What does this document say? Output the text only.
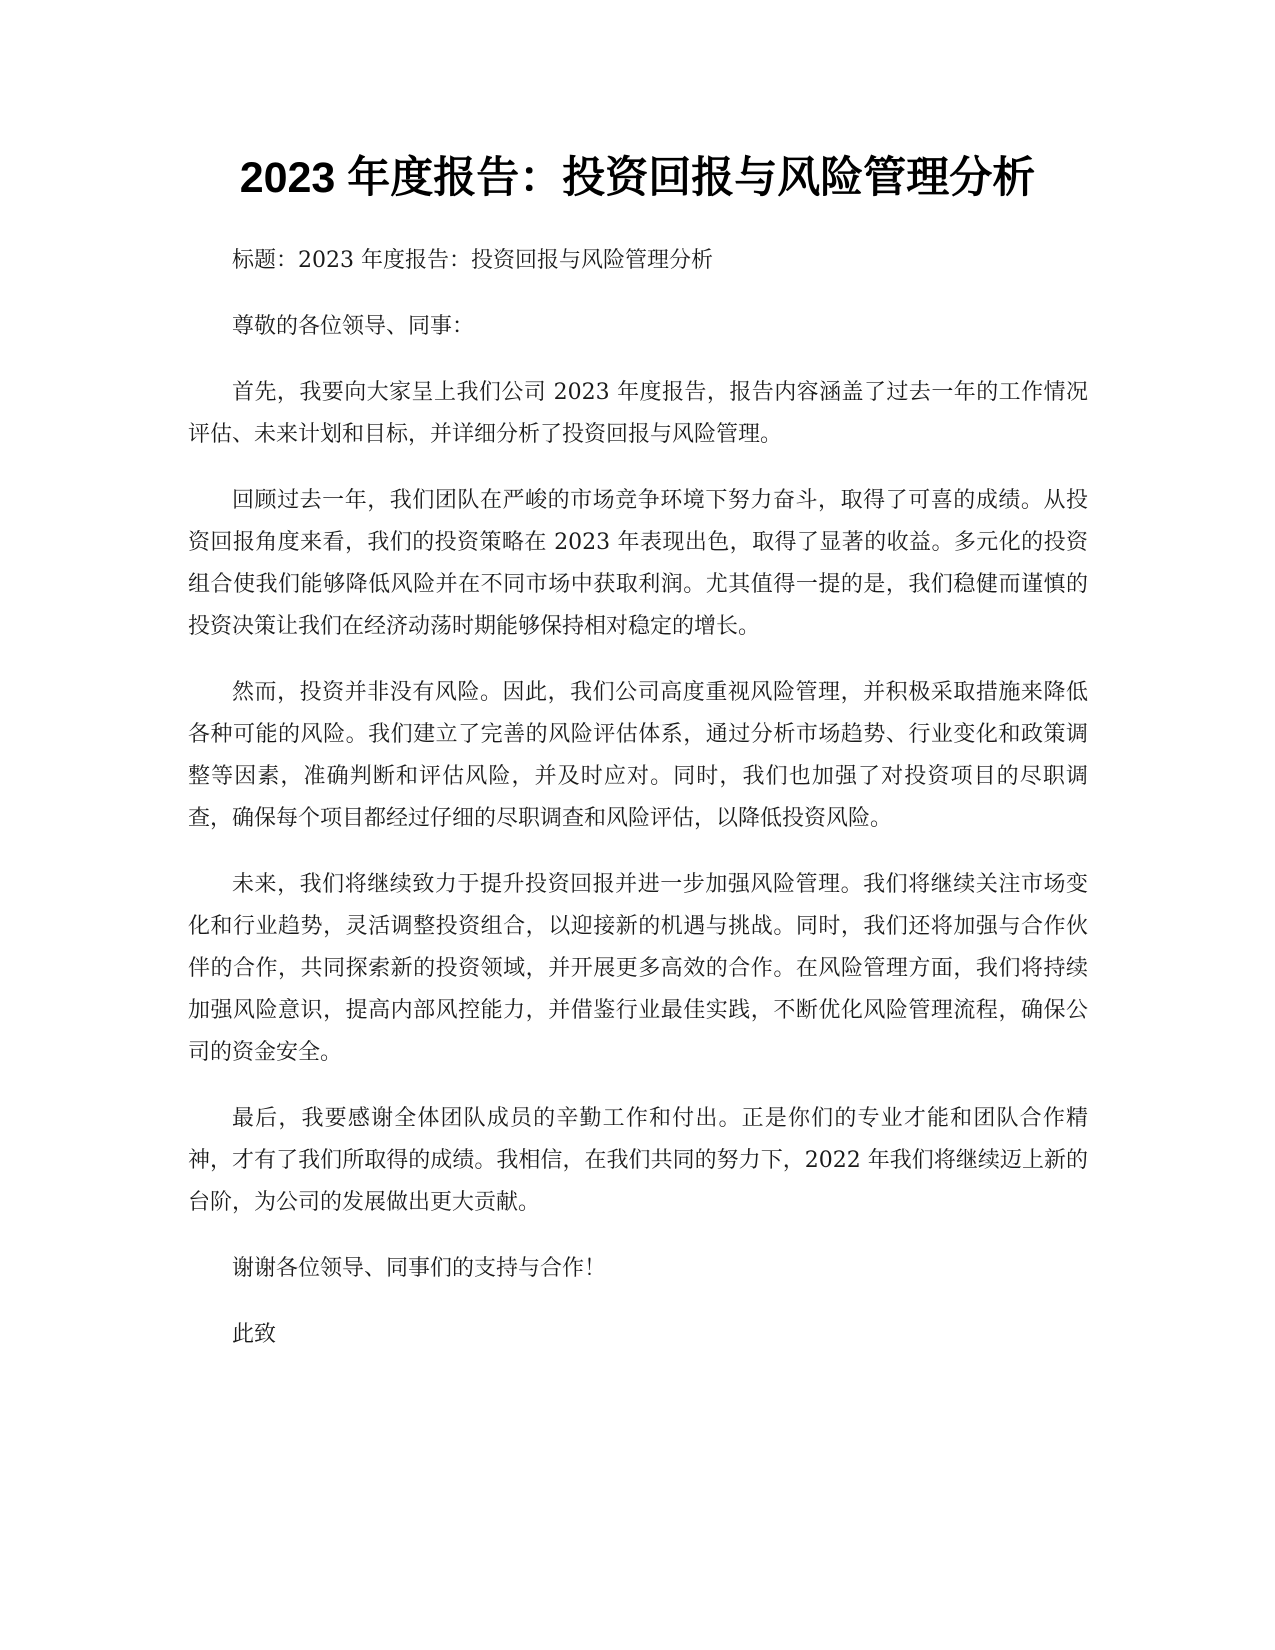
2023 年度报告：投资回报与风险管理分析

标题：2023 年度报告：投资回报与风险管理分析

尊敬的各位领导、同事：

首先，我要向大家呈上我们公司 2023 年度报告，报告内容涵盖了过去一年的工作情况评估、未来计划和目标，并详细分析了投资回报与风险管理。

回顾过去一年，我们团队在严峻的市场竞争环境下努力奋斗，取得了可喜的成绩。从投资回报角度来看，我们的投资策略在 2023 年表现出色，取得了显著的收益。多元化的投资组合使我们能够降低风险并在不同市场中获取利润。尤其值得一提的是，我们稳健而谨慎的投资决策让我们在经济动荡时期能够保持相对稳定的增长。

然而，投资并非没有风险。因此，我们公司高度重视风险管理，并积极采取措施来降低各种可能的风险。我们建立了完善的风险评估体系，通过分析市场趋势、行业变化和政策调整等因素，准确判断和评估风险，并及时应对。同时，我们也加强了对投资项目的尽职调查，确保每个项目都经过仔细的尽职调查和风险评估，以降低投资风险。

未来，我们将继续致力于提升投资回报并进一步加强风险管理。我们将继续关注市场变化和行业趋势，灵活调整投资组合，以迎接新的机遇与挑战。同时，我们还将加强与合作伙伴的合作，共同探索新的投资领域，并开展更多高效的合作。在风险管理方面，我们将持续加强风险意识，提高内部风控能力，并借鉴行业最佳实践，不断优化风险管理流程，确保公司的资金安全。

最后，我要感谢全体团队成员的辛勤工作和付出。正是你们的专业才能和团队合作精神，才有了我们所取得的成绩。我相信，在我们共同的努力下，2022 年我们将继续迈上新的台阶，为公司的发展做出更大贡献。

谢谢各位领导、同事们的支持与合作！

此致
